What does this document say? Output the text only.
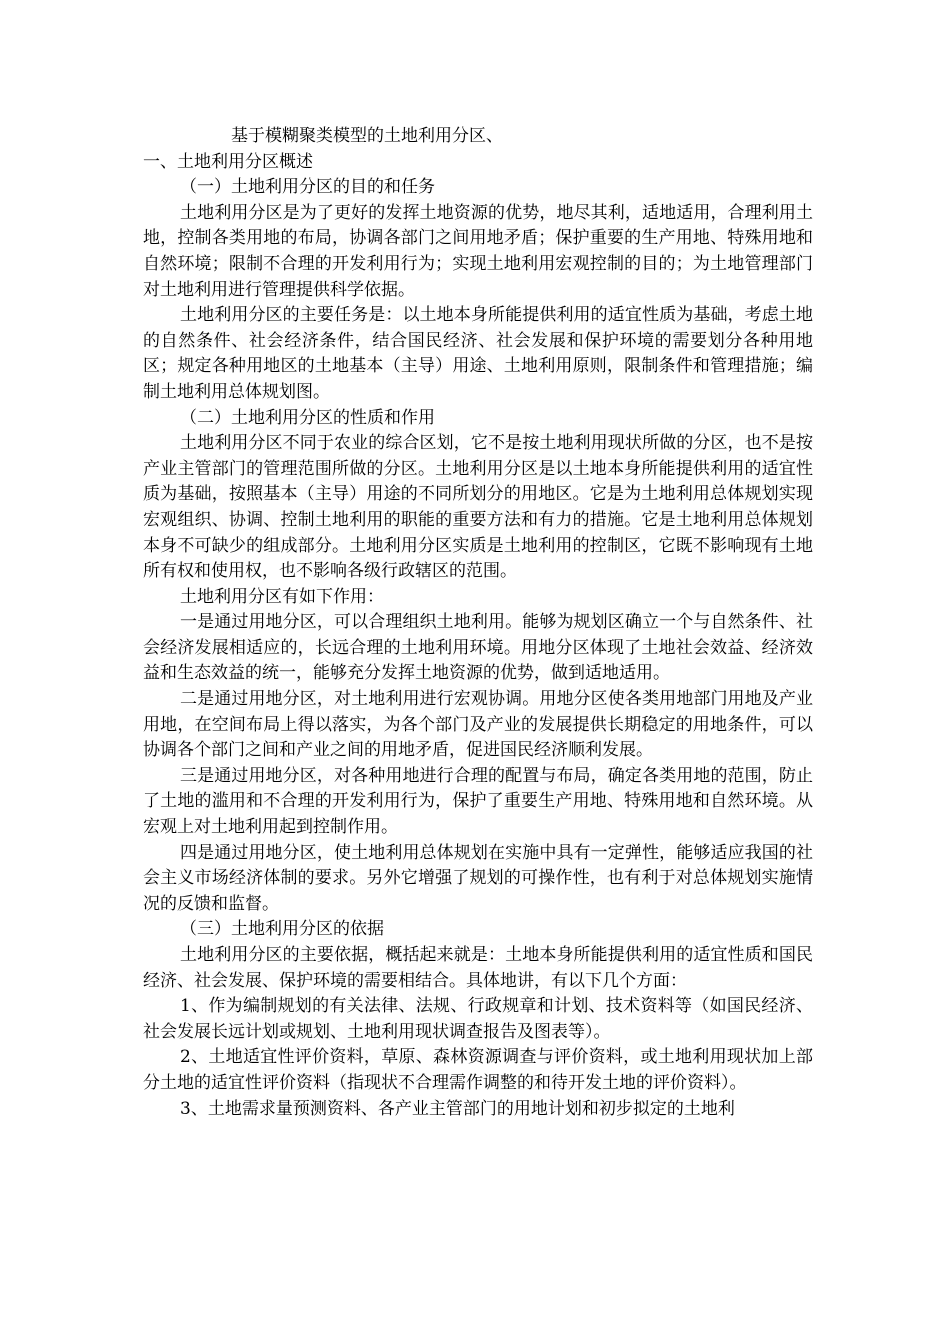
基于模糊聚类模型的土地利用分区、

一、土地利用分区概述

（一）土地利用分区的目的和任务

土地利用分区是为了更好的发挥土地资源的优势，地尽其利，适地适用，合理利用土地，控制各类用地的布局，协调各部门之间用地矛盾；保护重要的生产用地、特殊用地和自然环境；限制不合理的开发利用行为；实现土地利用宏观控制的目的；为土地管理部门对土地利用进行管理提供科学依据。

土地利用分区的主要任务是：以土地本身所能提供利用的适宜性质为基础，考虑土地的自然条件、社会经济条件，结合国民经济、社会发展和保护环境的需要划分各种用地区；规定各种用地区的土地基本（主导）用途、土地利用原则，限制条件和管理措施；编制土地利用总体规划图。

（二）土地利用分区的性质和作用

土地利用分区不同于农业的综合区划，它不是按土地利用现状所做的分区，也不是按产业主管部门的管理范围所做的分区。土地利用分区是以土地本身所能提供利用的适宜性质为基础，按照基本（主导）用途的不同所划分的用地区。它是为土地利用总体规划实现宏观组织、协调、控制土地利用的职能的重要方法和有力的措施。它是土地利用总体规划本身不可缺少的组成部分。土地利用分区实质是土地利用的控制区，它既不影响现有土地所有权和使用权，也不影响各级行政辖区的范围。

土地利用分区有如下作用：

一是通过用地分区，可以合理组织土地利用。能够为规划区确立一个与自然条件、社会经济发展相适应的，长远合理的土地利用环境。用地分区体现了土地社会效益、经济效益和生态效益的统一，能够充分发挥土地资源的优势，做到适地适用。

二是通过用地分区，对土地利用进行宏观协调。用地分区使各类用地部门用地及产业用地，在空间布局上得以落实，为各个部门及产业的发展提供长期稳定的用地条件，可以协调各个部门之间和产业之间的用地矛盾，促进国民经济顺利发展。

三是通过用地分区，对各种用地进行合理的配置与布局，确定各类用地的范围，防止了土地的滥用和不合理的开发利用行为，保护了重要生产用地、特殊用地和自然环境。从宏观上对土地利用起到控制作用。

四是通过用地分区，使土地利用总体规划在实施中具有一定弹性，能够适应我国的社会主义市场经济体制的要求。另外它增强了规划的可操作性，也有利于对总体规划实施情况的反馈和监督。

（三）土地利用分区的依据

土地利用分区的主要依据，概括起来就是：土地本身所能提供利用的适宜性质和国民经济、社会发展、保护环境的需要相结合。具体地讲，有以下几个方面：

1、作为编制规划的有关法律、法规、行政规章和计划、技术资料等（如国民经济、社会发展长远计划或规划、土地利用现状调查报告及图表等）。

2、土地适宜性评价资料，草原、森林资源调查与评价资料，或土地利用现状加上部分土地的适宜性评价资料（指现状不合理需作调整的和待开发土地的评价资料）。

3、土地需求量预测资料、各产业主管部门的用地计划和初步拟定的土地利
